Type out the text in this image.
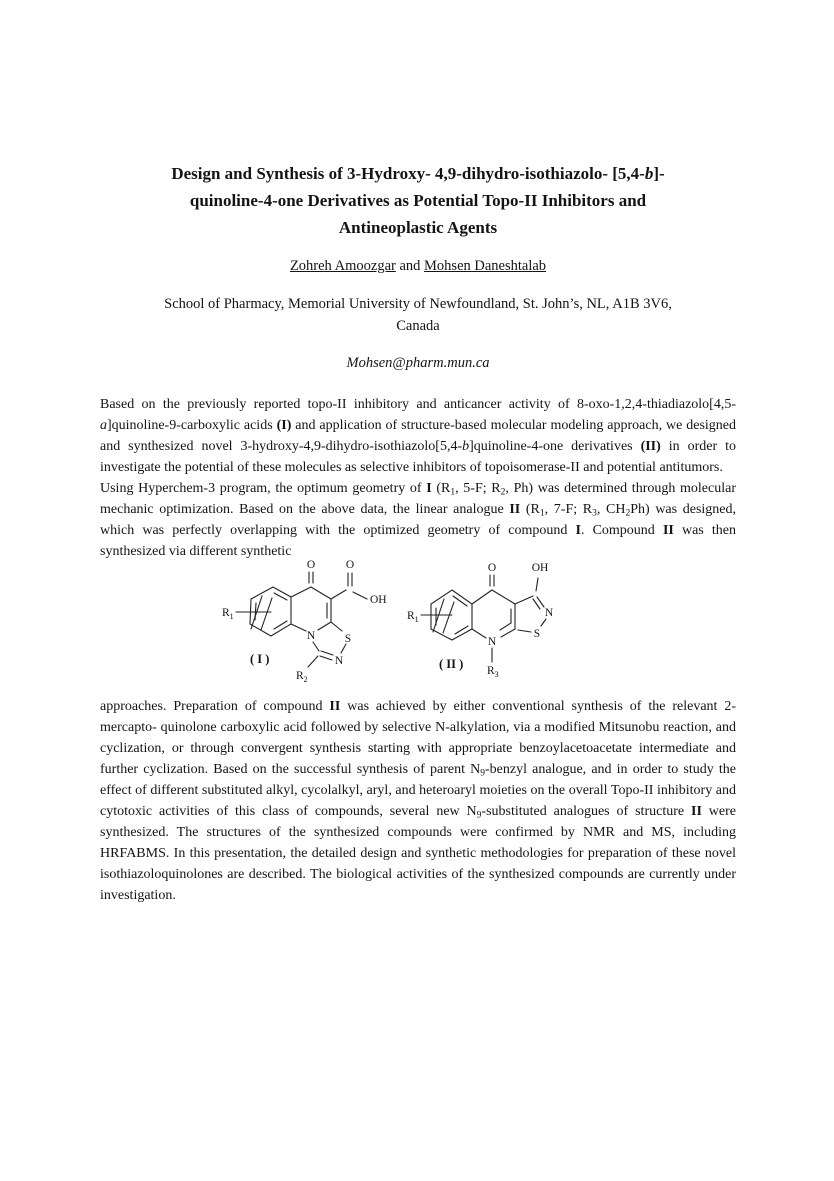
Design and Synthesis of 3-Hydroxy- 4,9-dihydro-isothiazolo- [5,4-b]-
quinoline-4-one Derivatives as Potential Topo-II Inhibitors and
Antineoplastic Agents
Zohreh Amoozgar and Mohsen Daneshtalab
School of Pharmacy, Memorial University of Newfoundland, St. John’s, NL, A1B 3V6,
Canada
Mohsen@pharm.mun.ca

Based on the previously reported topo-II inhibitory and anticancer activity of 8-oxo-1,2,4-thiadiazolo[4,5-a]quinoline-9-carboxylic acids (I) and application of structure-based molecular modeling approach, we designed and synthesized novel 3-hydroxy-4,9-dihydro-isothiazolo[5,4-b]quinoline-4-one derivatives (II) in order to investigate the potential of these molecules as selective inhibitors of topoisomerase-II and potential antitumors.

Using Hyperchem-3 program, the optimum geometry of I ($R_1$, 5-F; $R_2$, Ph) was determined through molecular mechanic optimization. Based on the above data, the linear analogue II ($R_1$, 7-F; $R_3$, $CH_2Ph$) was designed, which was perfectly overlapping with the optimized geometry of compound I. Compound II was then synthesized via different synthetic

O	O
OH
N	S
N
$R_1$
$R_2$
( I )
O	OH
N
S
N
$R_1$
$R_3$
( II )

approaches. Preparation of compound II was achieved by either conventional synthesis of the relevant 2-mercapto- quinolone carboxylic acid followed by selective N-alkylation, via a modified Mitsunobu reaction, and cyclization, or through convergent synthesis starting with appropriate benzoylacetoacetate intermediate and further cyclization. Based on the successful synthesis of parent $N_9$-benzyl analogue, and in order to study the effect of different substituted alkyl, cycolalkyl, aryl, and heteroaryl moieties on the overall Topo-II inhibitory and cytotoxic activities of this class of compounds, several new $N_9$-substituted analogues of structure II were synthesized. The structures of the synthesized compounds were confirmed by NMR and MS, including HRFABMS. In this presentation, the detailed design and synthetic methodologies for preparation of these novel isothiazoloquinolones are described. The biological activities of the synthesized compounds are currently under investigation.
